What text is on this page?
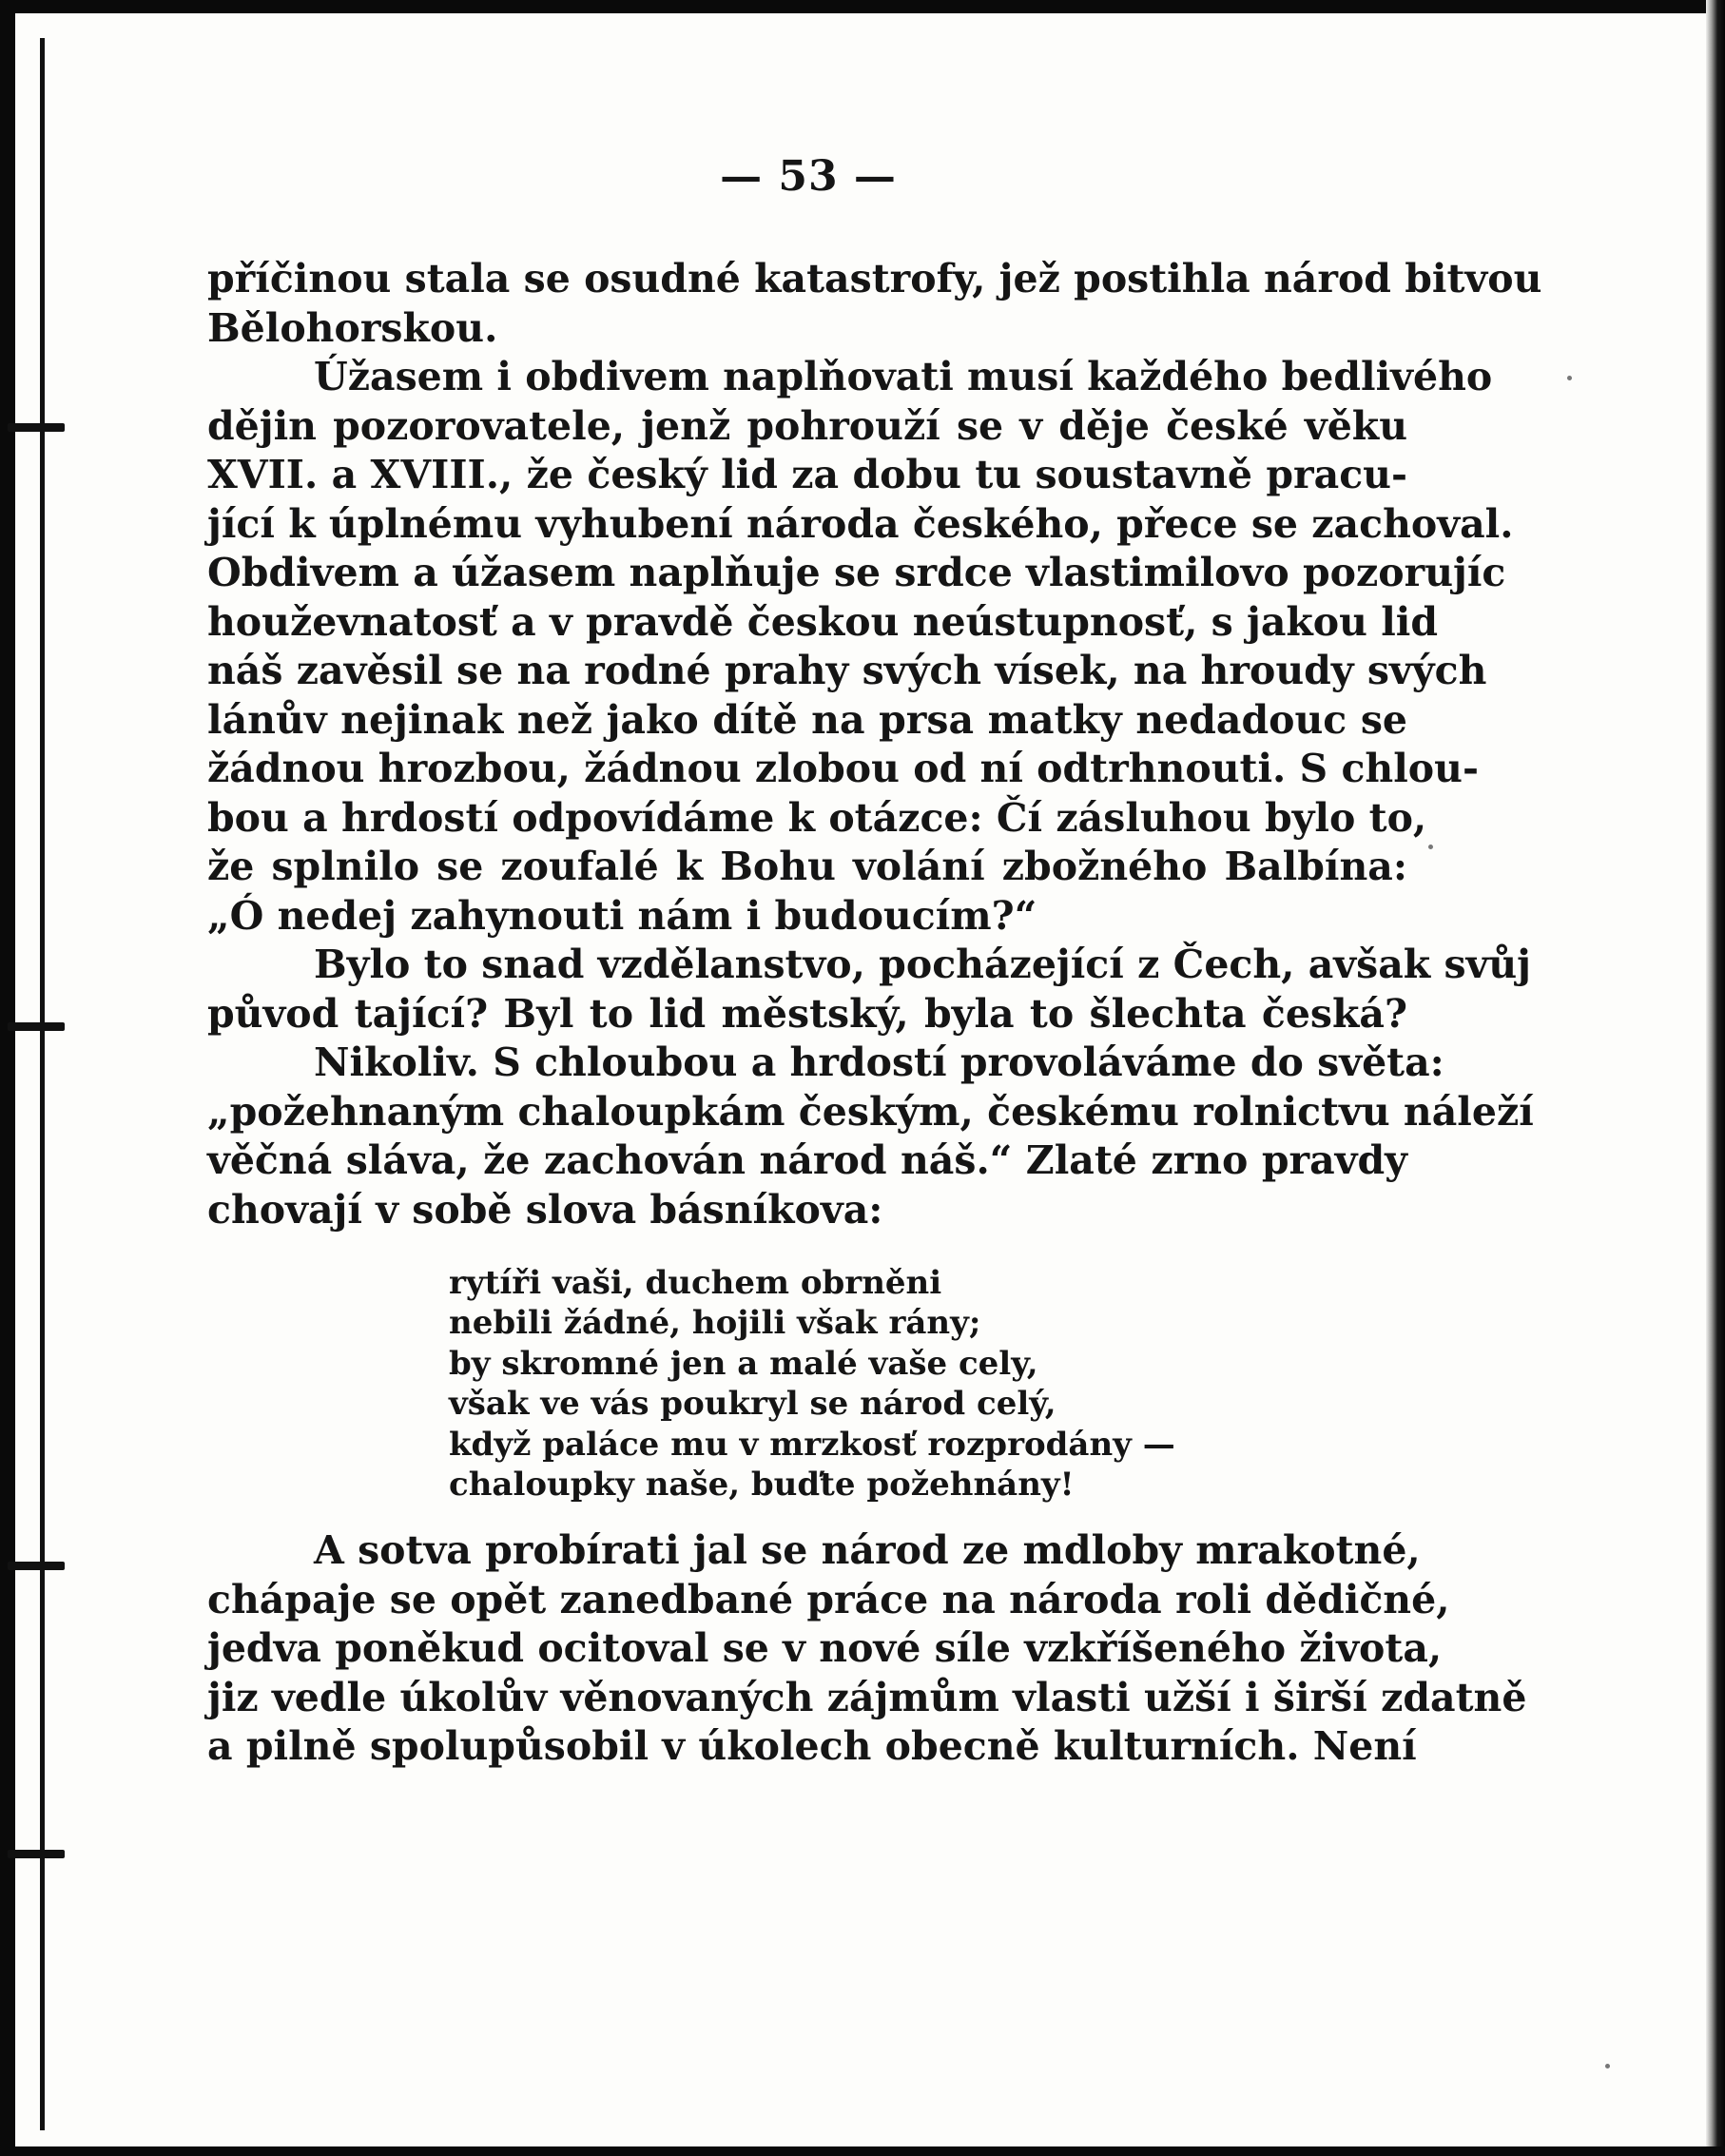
— 53 —
příčinou stala se osudné katastrofy, jež postihla národ bitvou
Bělohorskou.
Úžasem i obdivem naplňovati musí každého bedlivého
dějin pozorovatele, jenž pohrouží se v děje české věku
XVII. a XVIII., že český lid za dobu tu soustavně pracu-
jící k úplnému vyhubení národa českého, přece se zachoval.
Obdivem a úžasem naplňuje se srdce vlastimilovo pozorujíc
houževnatosť a v pravdě českou neústupnosť, s jakou lid
náš zavěsil se na rodné prahy svých vísek, na hroudy svých
lánův nejinak než jako dítě na prsa matky nedadouc se
žádnou hrozbou, žádnou zlobou od ní odtrhnouti. S chlou-
bou a hrdostí odpovídáme k otázce: Čí zásluhou bylo to,
že splnilo se zoufalé k Bohu volání zbožného Balbína:
„Ó nedej zahynouti nám i budoucím?“
Bylo to snad vzdělanstvo, pocházející z Čech, avšak svůj
původ tající? Byl to lid městský, byla to šlechta česká?
Nikoliv. S chloubou a hrdostí provoláváme do světa:
„požehnaným chaloupkám českým, českému rolnictvu náleží
věčná sláva, že zachován národ náš.“ Zlaté zrno pravdy
chovají v sobě slova básníkova:
rytíři vaši, duchem obrněni
nebili žádné, hojili však rány;
by skromné jen a malé vaše cely,
však ve vás poukryl se národ celý,
když paláce mu v mrzkosť rozprodány —
chaloupky naše, buďte požehnány!
A sotva probírati jal se národ ze mdloby mrakotné,
chápaje se opět zanedbané práce na národa roli dědičné,
jedva poněkud ocitoval se v nové síle vzkříšeného života,
jiz vedle úkolův věnovaných zájmům vlasti užší i širší zdatně
a pilně spolupůsobil v úkolech obecně kulturních. Není
